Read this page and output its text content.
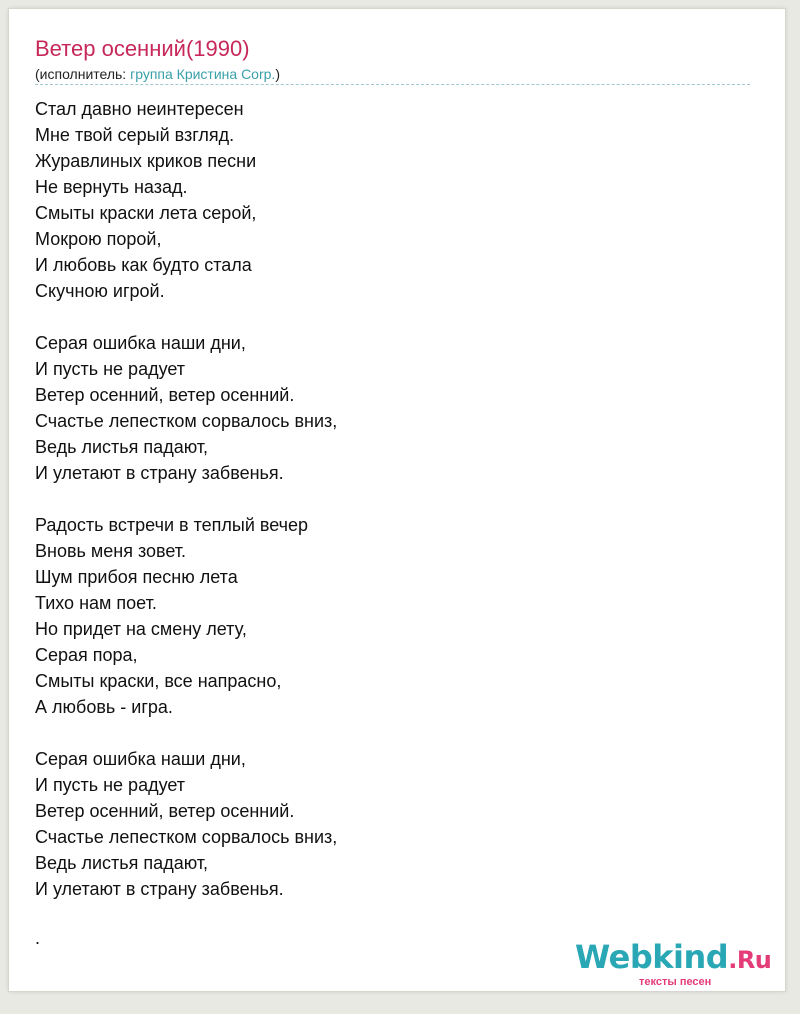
Ветер осенний(1990)
(исполнитель: группа Кристина Corp.)
Стал давно неинтересен
Мне твой серый взгляд.
Журавлиных криков песни
Не вернуть назад.
Смыты краски лета серой,
Мокрою порой,
И любовь как будто стала
Скучною игрой.
Серая ошибка наши дни,
И пусть не радует
Ветер осенний, ветер осенний.
Счастье лепестком сорвалось вниз,
Ведь листья падают,
И улетают в страну забвенья.
Радость встречи в теплый вечер
Вновь меня зовет.
Шум прибоя песню лета
Тихо нам поет.
Но придет на смену лету,
Серая пора,
Смыты краски, все напрасно,
А любовь - игра.
Серая ошибка наши дни,
И пусть не радует
Ветер осенний, ветер осенний.
Счастье лепестком сорвалось вниз,
Ведь листья падают,
И улетают в страну забвенья.
.	Webkind.Ru
тексты песен
